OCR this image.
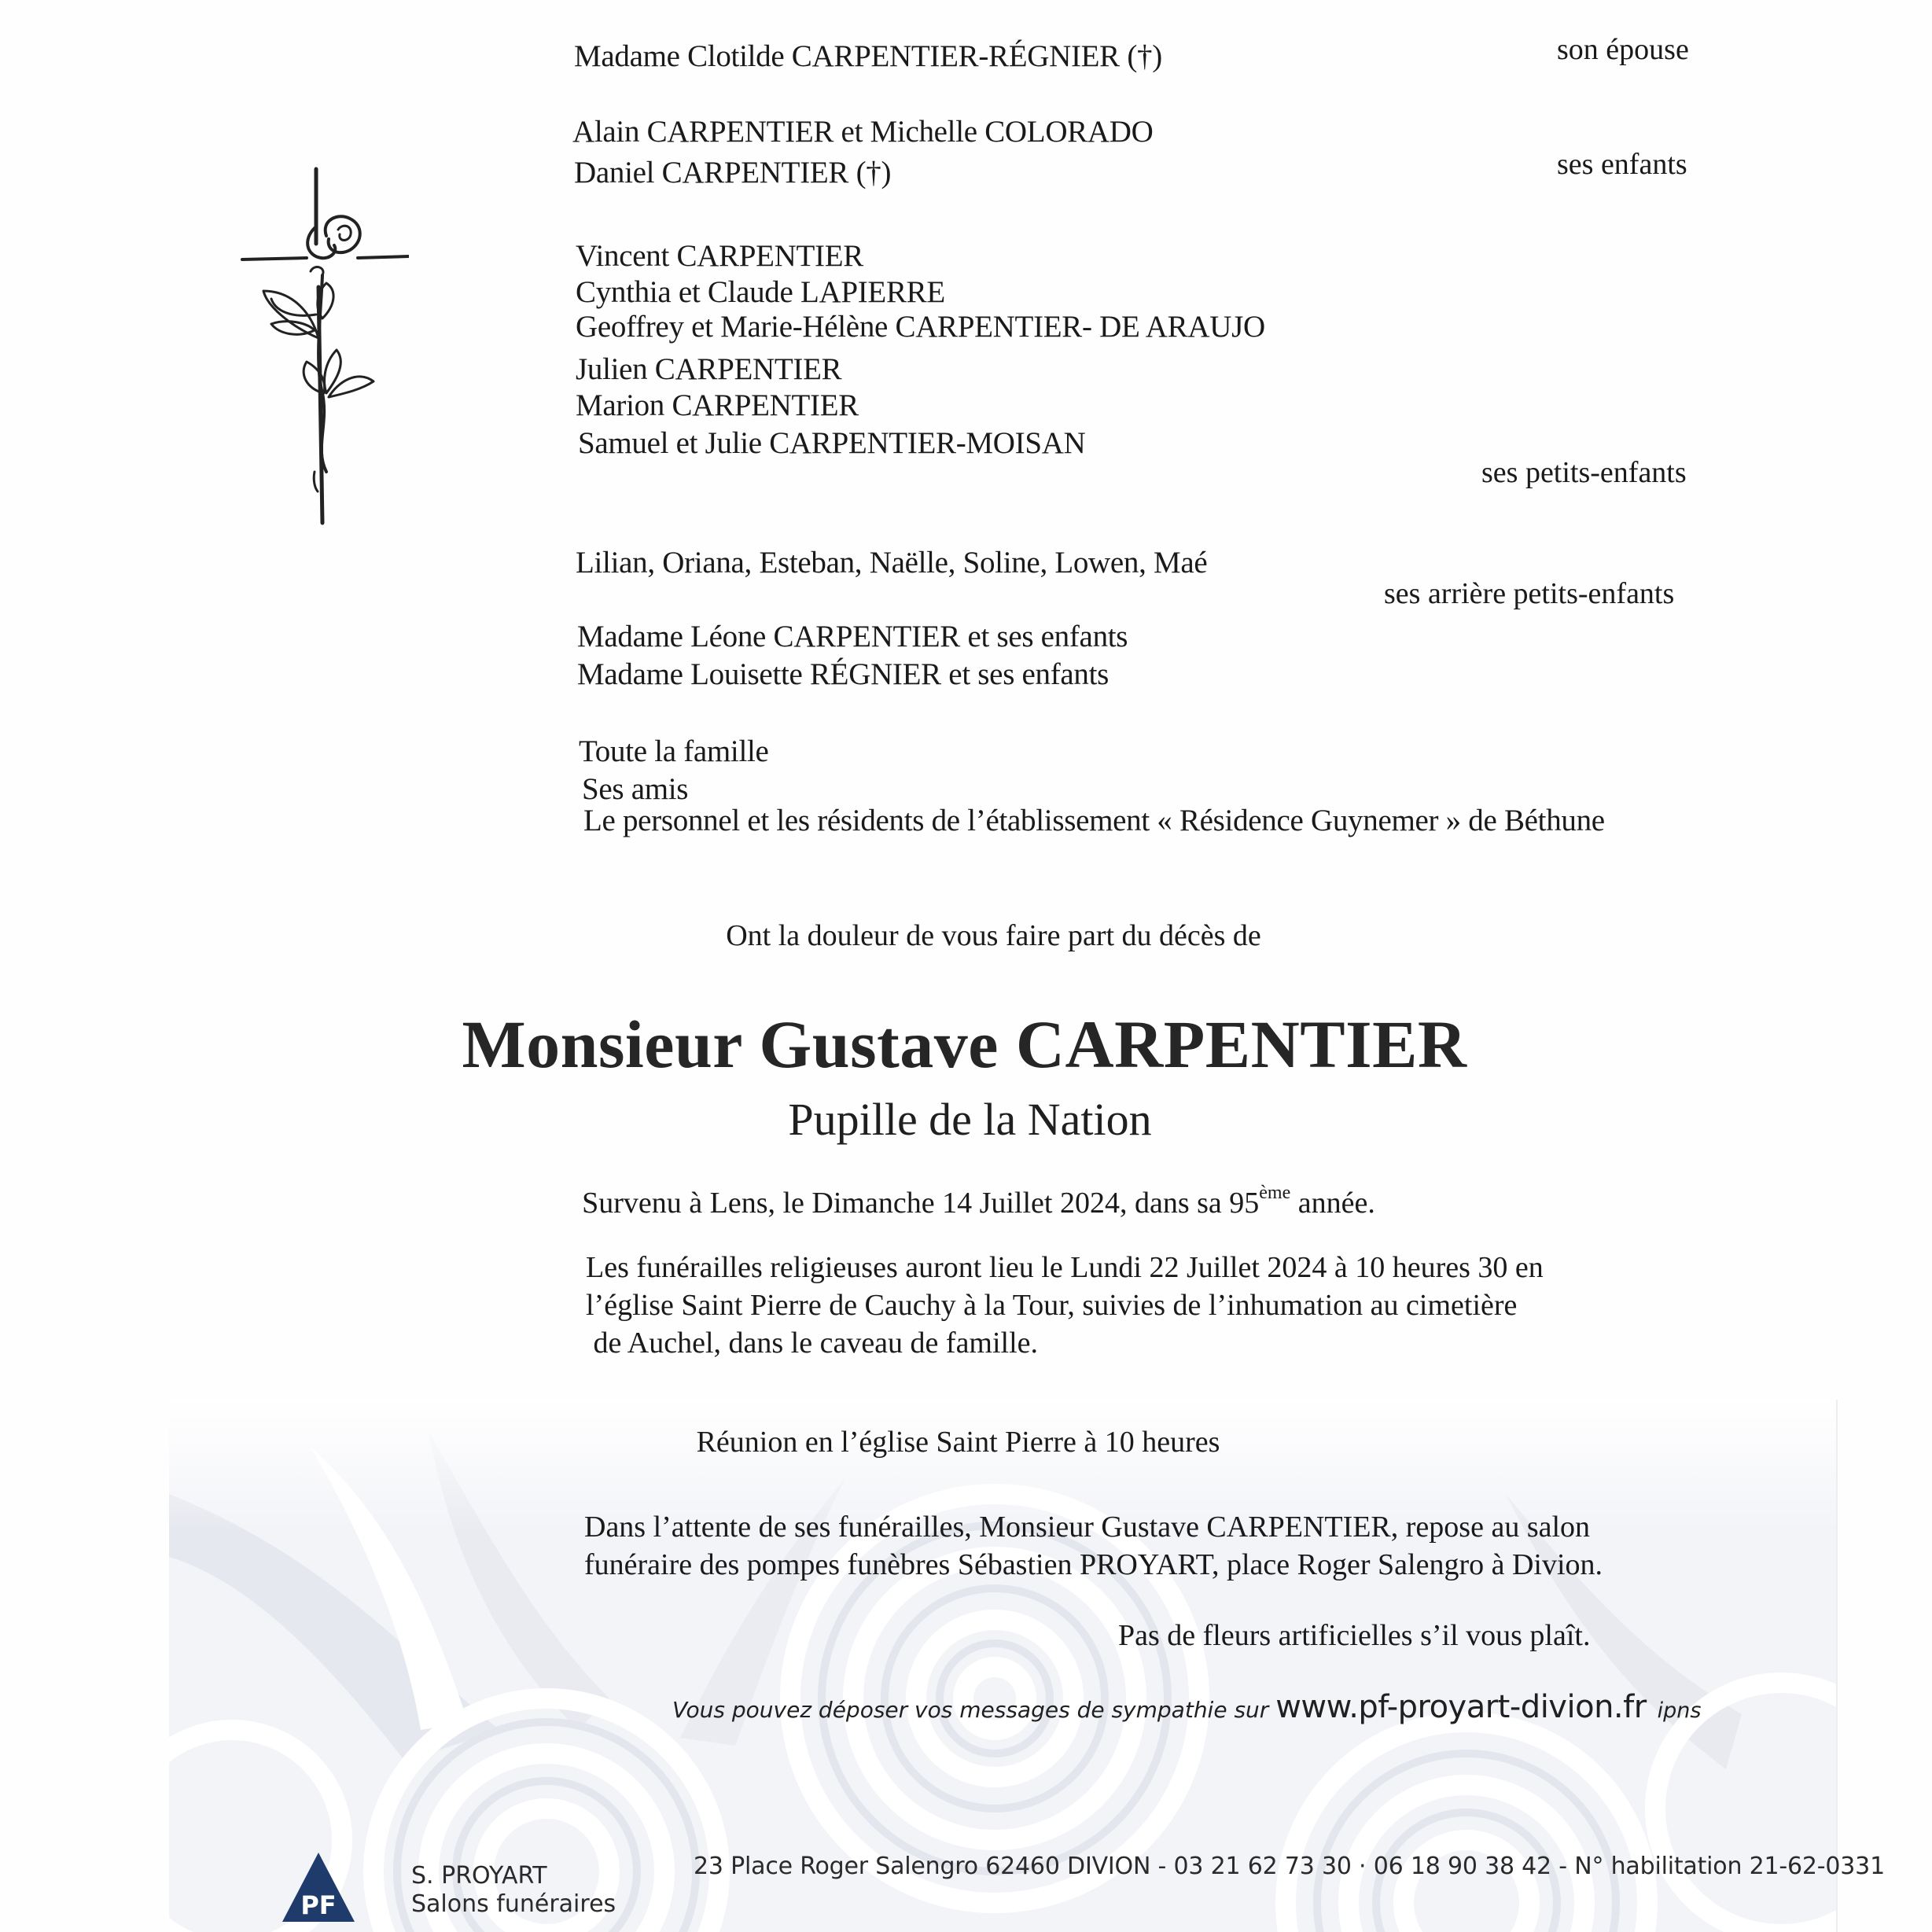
Madame Clotilde CARPENTIER-RÉGNIER (†)	son épouse
Alain CARPENTIER et Michelle COLORADO
Daniel CARPENTIER (†)	ses enfants
Vincent CARPENTIER
Cynthia et Claude LAPIERRE
Geoffrey et Marie-Hélène CARPENTIER- DE ARAUJO
Julien CARPENTIER
Marion CARPENTIER
Samuel et Julie CARPENTIER-MOISAN
ses petits-enfants
Lilian, Oriana, Esteban, Naëlle, Soline, Lowen, Maé
ses arrière petits-enfants
Madame Léone CARPENTIER et ses enfants
Madame Louisette RÉGNIER et ses enfants
Toute la famille
Ses amis
Le personnel et les résidents de l’établissement « Résidence Guynemer » de Béthune
Ont la douleur de vous faire part du décès de
Monsieur Gustave CARPENTIER
Pupille de la Nation
Survenu à Lens, le Dimanche 14 Juillet 2024, dans sa 95ème année.
Les funérailles religieuses auront lieu le Lundi 22 Juillet 2024 à 10 heures 30 en
l’église Saint Pierre de Cauchy à la Tour, suivies de l’inhumation au cimetière
de Auchel, dans le caveau de famille.
Réunion en l’église Saint Pierre à 10 heures
Dans l’attente de ses funérailles, Monsieur Gustave CARPENTIER, repose au salon
funéraire des pompes funèbres Sébastien PROYART, place Roger Salengro à Divion.
Pas de fleurs artificielles s’il vous plaît.
Vous pouvez déposer vos messages de sympathie sur www.pf-proyart-divion.fr ipns
PF
S. PROYART
Salons funéraires
23 Place Roger Salengro 62460 DIVION - 03 21 62 73 30 · 06 18 90 38 42 - N° habilitation 21-62-0331
